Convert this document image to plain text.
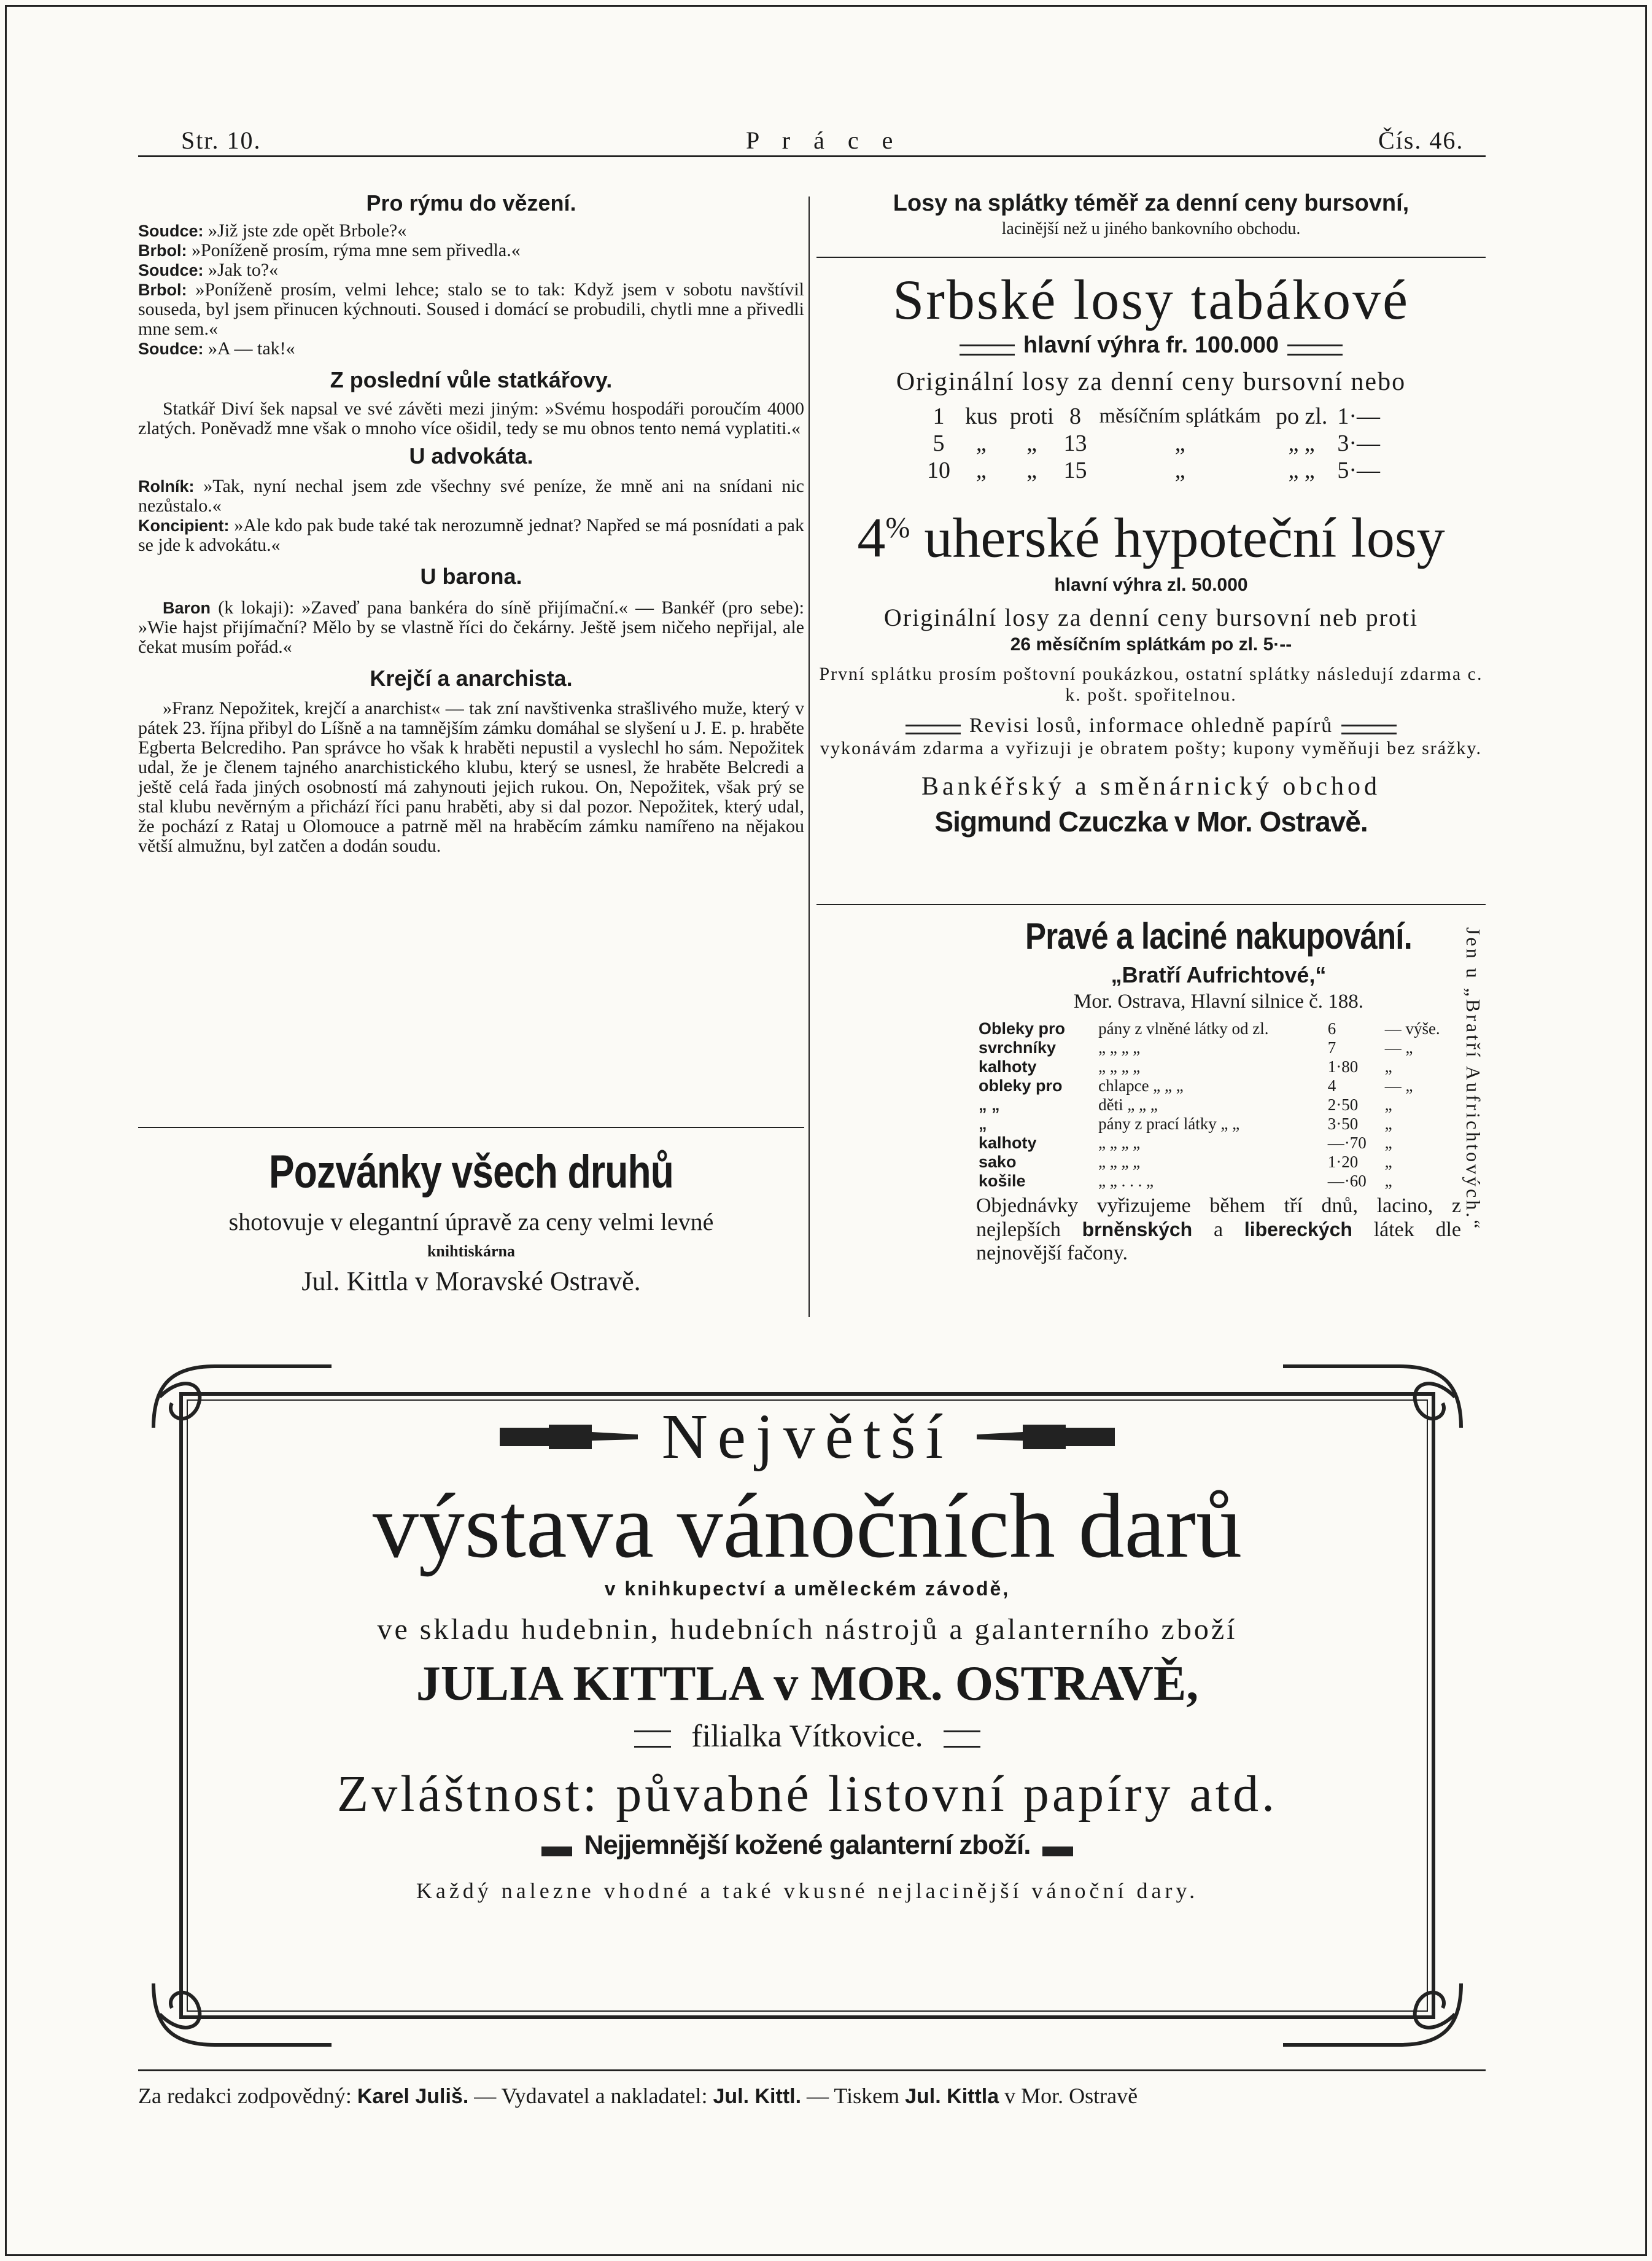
Str. 10.	P r á c e	Čís. 46.
Pro rýmu do vězení.

Soudce: »Již jste zde opět Brbole?«

Brbol: »Poníženě prosím, rýma mne sem přivedla.«

Soudce: »Jak to?«

Brbol: »Poníženě prosím, velmi lehce; stalo se to tak: Když jsem v sobotu navštívil souseda, byl jsem přinucen kýchnouti. Soused i domácí se probudili, chytli mne a přivedli mne sem.«

Soudce: »A — tak!«

Z poslední vůle statkářovy.

Statkář Diví šek napsal ve své závěti mezi jiným: »Svému hospodáři poroučím 4000 zlatých. Poněvadž mne však o mnoho více ošidil, tedy se mu obnos tento nemá vyplatiti.«

U advokáta.

Rolník: »Tak, nyní nechal jsem zde všechny své peníze, že mně ani na snídani nic nezůstalo.«

Koncipient: »Ale kdo pak bude také tak nerozumně jednat? Napřed se má posnídati a pak se jde k advokátu.«

U barona.

Baron (k lokaji): »Zaveď pana bankéra do síně přijímační.« — Bankéř (pro sebe): »Wie hajst přijímační? Mělo by se vlastně říci do čekárny. Ještě jsem ničeho nepřijal, ale čekat musím pořád.«

Krejčí a anarchista.

»Franz Nepožitek, krejčí a anarchist« — tak zní navštivenka strašlivého muže, který v pátek 23. října přibyl do Líšně a na tamnějším zámku domáhal se slyšení u J. E. p. hraběte Egberta Belcrediho. Pan správce ho však k hraběti nepustil a vyslechl ho sám. Nepožitek udal, že je členem tajného anarchistického klubu, který se usnesl, že hraběte Belcredi a ještě celá řada jiných osobností má zahynouti jejich rukou. On, Nepožitek, však prý se stal klubu nevěrným a přichází říci panu hraběti, aby si dal pozor. Nepožitek, který udal, že pochází z Rataj u Olomouce a patrně měl na hraběcím zámku namířeno na nějakou větší almužnu, byl zatčen a dodán soudu.

Pozvánky všech druhů
shotovuje v elegantní úpravě za ceny velmi levné
knihtiskárna
Jul. Kittla v Moravské Ostravě.
Losy na splátky téměř za denní ceny bursovní,
lacinější než u jiného bankovního obchodu.
Srbské losy tabákové
hlavní výhra fr. 100.000
Originální losy za denní ceny bursovní nebo
1	kus	proti	8	měsíčním splátkám	po zl.	1·—
5	„	„	13	„	„ „	3·—
10	„	„	15	„	„ „	5·—
4% uherské hypoteční losy
hlavní výhra zl. 50.000
Originální losy za denní ceny bursovní neb proti
26 měsíčním splátkám po zl. 5·--
První splátku prosím poštovní poukázkou, ostatní splátky následují zdarma c. k. pošt. spořitelnou.
Revisi losů, informace ohledně papírů
vykonávám zdarma a vyřizuji je obratem pošty; kupony vyměňuji bez srážky.
Bankéřský a směnárnický obchod
Sigmund Czuczka v Mor. Ostravě.
Pravé a laciné nakupování.
„Bratří Aufrichtové,“
Mor. Ostrava, Hlavní silnice č. 188.
Obleky pro	pány z vlněné látky od zl.	6	— výše.
svrchníky	„ „ „ „	7	— „
kalhoty	„ „ „ „	1·80	„
obleky pro	chlapce „ „ „	4	— „
„ „	děti „ „ „	2·50	„
„	pány z prací látky „ „	3·50	„
kalhoty	„ „ „ „	—·70	„
sako	„ „ „ „	1·20	„
košile	„ „ . . . „	—·60	„
Objednávky vyřizujeme během tří dnů, lacino, z nejlepších brněnských a libereckých látek dle nejnovější fačony.
Jen u „Bratří Aufrichtových.“
Největší
výstava vánočních darů
v knihkupectví a uměleckém závodě,
ve skladu hudebnin, hudebních nástrojů a galanterního zboží
JULIA KITTLA v MOR. OSTRAVĚ,
filialka Vítkovice.
Zvláštnost: půvabné listovní papíry atd.
Nejjemnější kožené galanterní zboží.
Každý nalezne vhodné a také vkusné nejlacinější vánoční dary.
Za redakci zodpovědný: Karel Juliš. — Vydavatel a nakladatel: Jul. Kittl. — Tiskem Jul. Kittla v Mor. Ostravě
